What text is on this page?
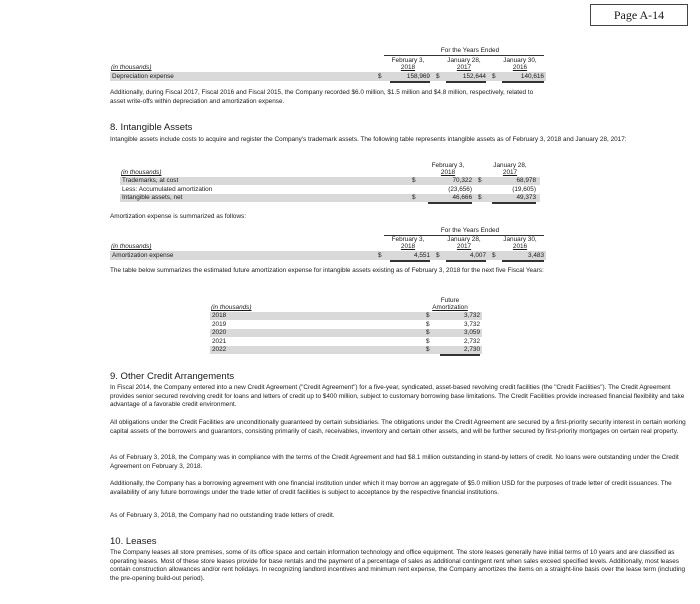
Page A-14
For the Years Ended
February 3,
2018
January 28,
2017
January 30,
2016
(in thousands)
Depreciation expense	$	158,969 $	152,644 $	140,616
Additionally, during Fiscal 2017, Fiscal 2016 and Fiscal 2015, the Company recorded $6.0 million, $1.5 million and $4.8 million, respectively, related to asset write-offs within depreciation and amortization expense.
8. Intangible Assets
Intangible assets include costs to acquire and register the Company's trademark assets. The following table represents intangible assets as of February 3, 2018 and January 28, 2017:
February 3,
2018
January 28,
2017
(in thousands)
Trademarks, at cost	$	70,322 $	68,978
Less: Accumulated amortization	(23,656)	(19,605)
Intangible assets, net	$	46,666 $	49,373
Amortization expense is summarized as follows:
For the Years Ended
February 3,
2018
January 28,
2017
January 30,
2016
(in thousands)
Amortization expense	$	4,551 $	4,007 $	3,483
The table below summarizes the estimated future amortization expense for intangible assets existing as of February 3, 2018 for the next five Fiscal Years:
Future
Amortization
(in thousands)
2018	$	3,732
2019	$	3,732
2020	$	3,059
2021	$	2,732
2022	$	2,730
9. Other Credit Arrangements
In Fiscal 2014, the Company entered into a new Credit Agreement ("Credit Agreement") for a five-year, syndicated, asset-based revolving credit facilities (the "Credit Facilities"). The Credit Agreement provides senior secured revolving credit for loans and letters of credit up to $400 million, subject to customary borrowing base limitations. The Credit Facilities provide increased financial flexibility and take advantage of a favorable credit environment.
All obligations under the Credit Facilities are unconditionally guaranteed by certain subsidiaries. The obligations under the Credit Agreement are secured by a first-priority security interest in certain working capital assets of the borrowers and guarantors, consisting primarily of cash, receivables, inventory and certain other assets, and will be further secured by first-priority mortgages on certain real property.
As of February 3, 2018, the Company was in compliance with the terms of the Credit Agreement and had $8.1 million outstanding in stand-by letters of credit. No loans were outstanding under the Credit Agreement on February 3, 2018.
Additionally, the Company has a borrowing agreement with one financial institution under which it may borrow an aggregate of $5.0 million USD for the purposes of trade letter of credit issuances. The availability of any future borrowings under the trade letter of credit facilities is subject to acceptance by the respective financial institutions.
As of February 3, 2018, the Company had no outstanding trade letters of credit.
10. Leases
The Company leases all store premises, some of its office space and certain information technology and office equipment. The store leases generally have initial terms of 10 years and are classified as operating leases. Most of these store leases provide for base rentals and the payment of a percentage of sales as additional contingent rent when sales exceed specified levels. Additionally, most leases contain construction allowances and/or rent holidays. In recognizing landlord incentives and minimum rent expense, the Company amortizes the items on a straight-line basis over the lease term (including the pre-opening build-out period).
